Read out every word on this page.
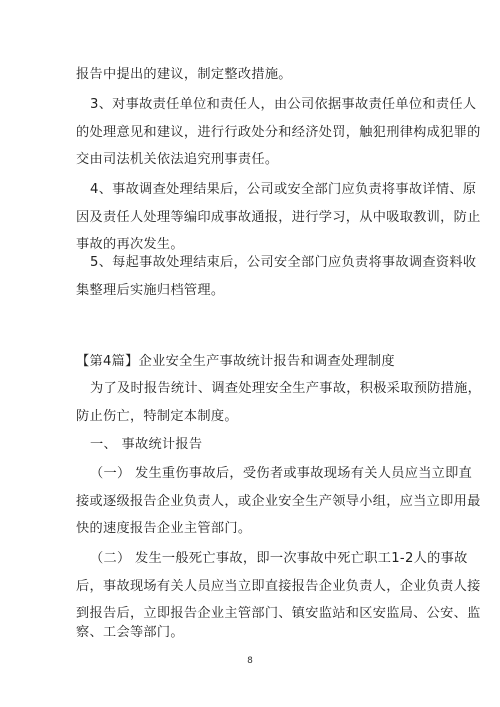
报告中提出的建议，制定整改措施。
3、对事故责任单位和责任人，由公司依据事故责任单位和责任人
的处理意见和建议，进行行政处分和经济处罚，触犯刑律构成犯罪的
交由司法机关依法追究刑事责任。
4、事故调查处理结果后，公司或安全部门应负责将事故详情、原
因及责任人处理等编印成事故通报，进行学习，从中吸取教训，防止
事故的再次发生。
5、每起事故处理结束后，公司安全部门应负责将事故调查资料收
集整理后实施归档管理。
【第4篇】企业安全生产事故统计报告和调查处理制度
为了及时报告统计、调查处理安全生产事故，积极采取预防措施，
防止伤亡，特制定本制度。
一、 事故统计报告
（一） 发生重伤事故后，受伤者或事故现场有关人员应当立即直
接或逐级报告企业负责人，或企业安全生产领导小组，应当立即用最
快的速度报告企业主管部门。
（二） 发生一般死亡事故，即一次事故中死亡职工1-2人的事故
后，事故现场有关人员应当立即直接报告企业负责人，企业负责人接
到报告后，立即报告企业主管部门、镇安监站和区安监局、公安、监
察、工会等部门。
8
